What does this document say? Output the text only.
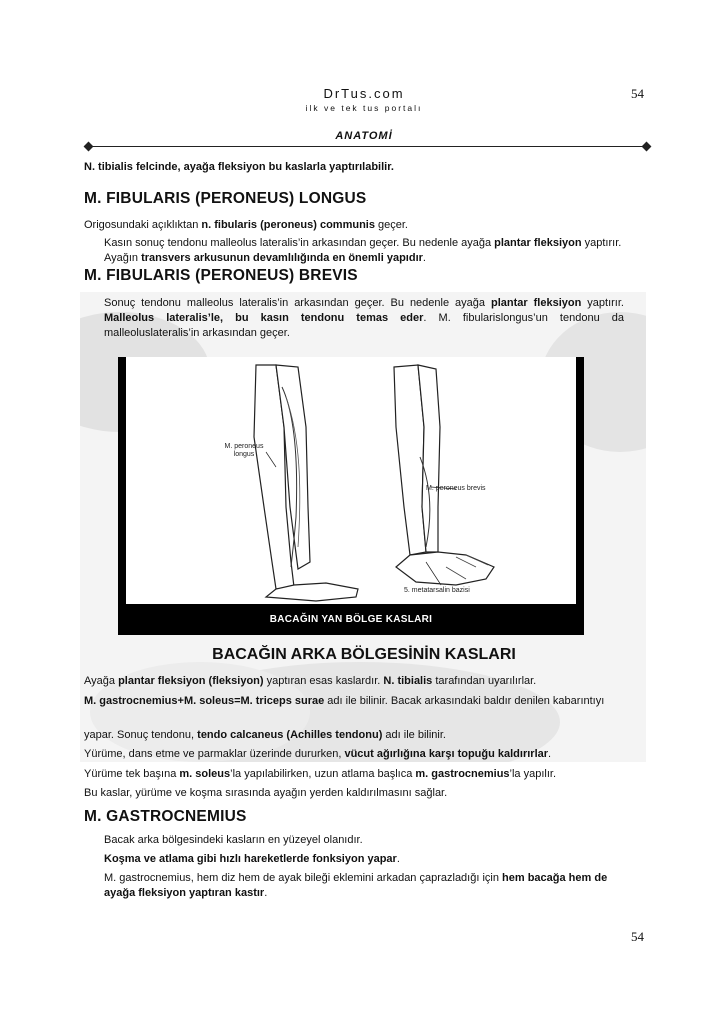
DrTus.com
ilk ve tek tus portalı
54
ANATOMİ
N. tibialis felcinde, ayağa fleksiyon bu kaslarla yaptırılabilir.
M. FIBULARIS (PERONEUS) LONGUS
Origosundaki açıklıktan n. fibularis (peroneus) communis geçer.
Kasın sonuç tendonu malleolus lateralis’in arkasından geçer. Bu nedenle ayağa plantar fleksiyon yaptırır. Ayağın transvers arkusunun devamlılığında en önemli yapıdır.
M. FIBULARIS (PERONEUS) BREVIS
Sonuç tendonu malleolus lateralis’in arkasından geçer. Bu nedenle ayağa plantar fleksiyon yaptırır. Malleolus lateralis’le, bu kasın tendonu temas eder. M. fibularislongus’un tendonu da malleoluslateralis’in arkasından geçer.
M. peroneus longus
M. peroneus brevis
5. metatarsalin bazisi
BACAĞIN YAN BÖLGE KASLARI
BACAĞIN ARKA BÖLGESİNİN KASLARI
Ayağa plantar fleksiyon (fleksiyon) yaptıran esas kaslardır. N. tibialis tarafından uyarılırlar.
M. gastrocnemius+M. soleus=M. triceps surae adı ile bilinir. Bacak arkasındaki baldır denilen kabarıntıyı
yapar. Sonuç tendonu, tendo calcaneus (Achilles tendonu) adı ile bilinir.
Yürüme, dans etme ve parmaklar üzerinde dururken, vücut ağırlığına karşı topuğu kaldırırlar.
Yürüme tek başına m. soleus’la yapılabilirken, uzun atlama başlıca m. gastrocnemius’la yapılır.
Bu kaslar, yürüme ve koşma sırasında ayağın yerden kaldırılmasını sağlar.
M. GASTROCNEMIUS
Bacak arka bölgesindeki kasların en yüzeyel olanıdır.
Koşma ve atlama gibi hızlı hareketlerde fonksiyon yapar.
M. gastrocnemius, hem diz hem de ayak bileği eklemini arkadan çaprazladığı için hem bacağa hem de ayağa fleksiyon yaptıran kastır.
54
